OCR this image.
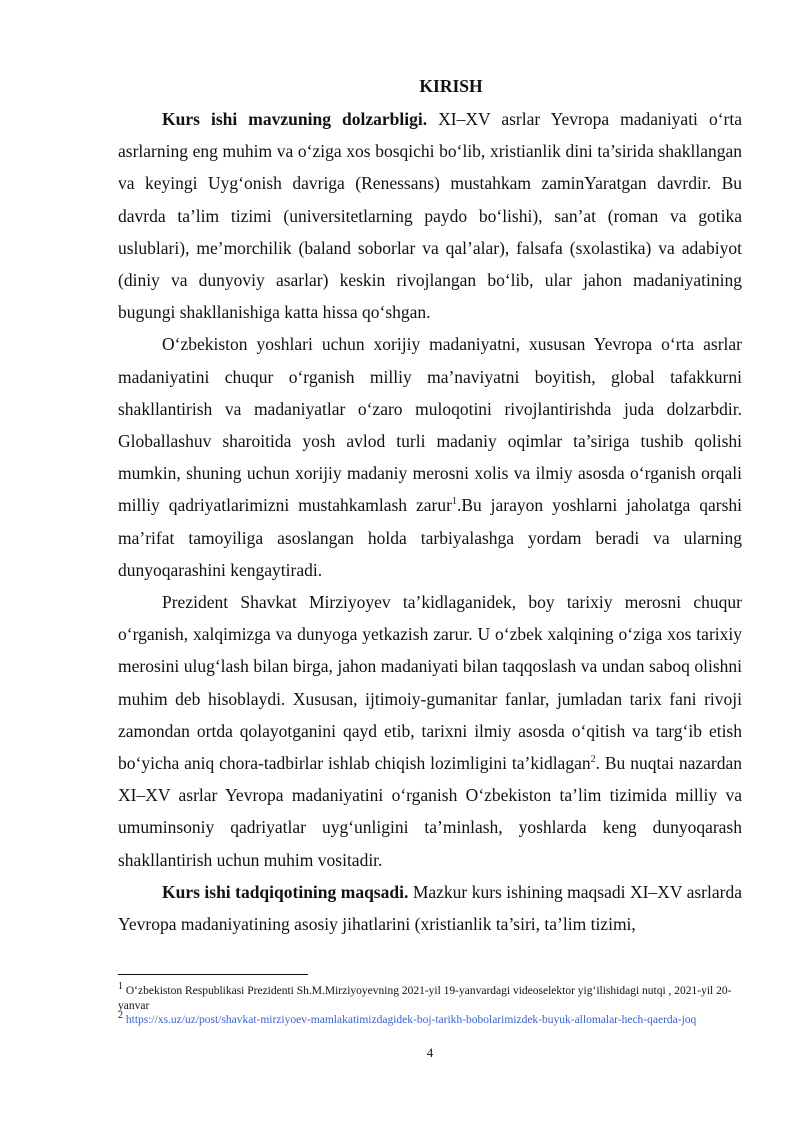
KIRISH

Kurs ishi mavzuning dolzarbligi. XI–XV asrlar Yevropa madaniyati o‘rta asrlarning eng muhim va o‘ziga xos bosqichi bo‘lib, xristianlik dini ta’sirida shakllangan va keyingi Uyg‘onish davriga (Renessans) mustahkam zaminYaratgan davrdir. Bu davrda ta’lim tizimi (universitetlarning paydo bo‘lishi), san’at (roman va gotika uslublari), me’morchilik (baland soborlar va qal’alar), falsafa (sxolastika) va adabiyot (diniy va dunyoviy asarlar) keskin rivojlangan bo‘lib, ular jahon madaniyatining bugungi shakllanishiga katta hissa qo‘shgan.

O‘zbekiston yoshlari uchun xorijiy madaniyatni, xususan Yevropa o‘rta asrlar madaniyatini chuqur o‘rganish milliy ma’naviyatni boyitish, global tafakkurni shakllantirish va madaniyatlar o‘zaro muloqotini rivojlantirishda juda dolzarbdir. Globallashuv sharoitida yosh avlod turli madaniy oqimlar ta’siriga tushib qolishi mumkin, shuning uchun xorijiy madaniy merosni xolis va ilmiy asosda o‘rganish orqali milliy qadriyatlarimizni mustahkamlash zarur$^1$.Bu jarayon yoshlarni jaholatga qarshi ma’rifat tamoyiliga asoslangan holda tarbiyalashga yordam beradi va ularning dunyoqarashini kengaytiradi.

Prezident Shavkat Mirziyoyev ta’kidlaganidek, boy tarixiy merosni chuqur o‘rganish, xalqimizga va dunyoga yetkazish zarur. U o‘zbek xalqining o‘ziga xos tarixiy merosini ulug‘lash bilan birga, jahon madaniyati bilan taqqoslash va undan saboq olishni muhim deb hisoblaydi. Xususan, ijtimoiy-gumanitar fanlar, jumladan tarix fani rivoji zamondan ortda qolayotganini qayd etib, tarixni ilmiy asosda o‘qitish va targ‘ib etish bo‘yicha aniq chora-tadbirlar ishlab chiqish lozimligini ta’kidlagan$^2$. Bu nuqtai nazardan XI–XV asrlar Yevropa madaniyatini o‘rganish O‘zbekiston ta’lim tizimida milliy va umuminsoniy qadriyatlar uyg‘unligini ta’minlash, yoshlarda keng dunyoqarash shakllantirish uchun muhim vositadir.

Kurs ishi tadqiqotining maqsadi. Mazkur kurs ishining maqsadi XI–XV asrlarda Yevropa madaniyatining asosiy jihatlarini (xristianlik ta’siri, ta’lim tizimi,

$^1$ O‘zbekiston Respublikasi Prezidenti Sh.M.Mirziyoyevning 2021-yil 19-yanvardagi videoselektor yig‘ilishidagi nutqi , 2021-yil 20-yanvar

$^2$ https://xs.uz/uz/post/shavkat-mirziyoev-mamlakatimizdagidek-boj-tarikh-bobolarimizdek-buyuk-allomalar-hech-qaerda-joq

4
